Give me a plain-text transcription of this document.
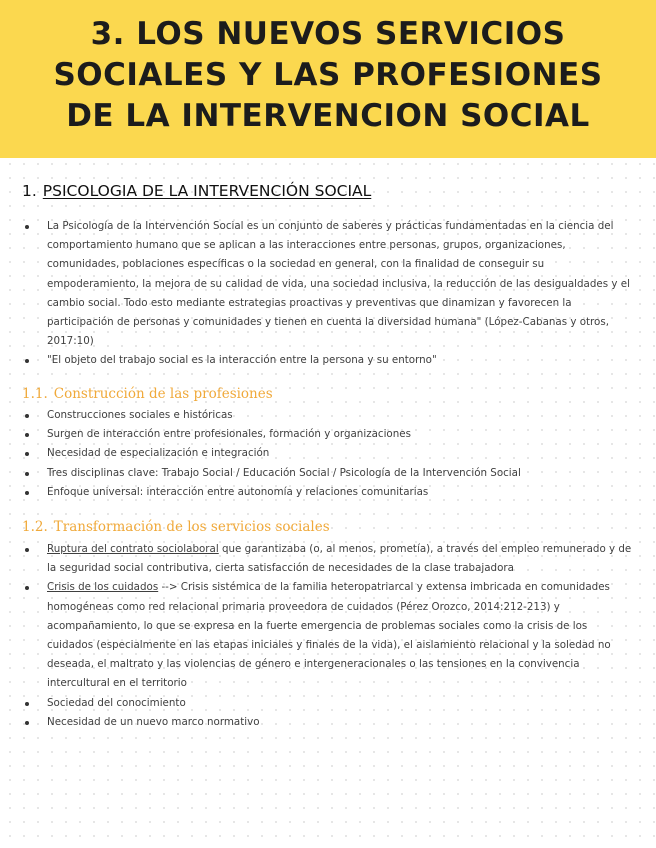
3. LOS NUEVOS SERVICIOS
SOCIALES Y LAS PROFESIONES
DE LA INTERVENCION SOCIAL
1. PSICOLOGIA DE LA INTERVENCIÓN SOCIAL
La Psicología de la Intervención Social es un conjunto de saberes y prácticas fundamentadas en la ciencia del comportamiento humano que se aplican a las interacciones entre personas, grupos, organizaciones, comunidades, poblaciones específicas o la sociedad en general, con la finalidad de conseguir su empoderamiento, la mejora de su calidad de vida, una sociedad inclusiva, la reducción de las desigualdades y el cambio social. Todo esto mediante estrategias proactivas y preventivas que dinamizan y favorecen la participación de personas y comunidades y tienen en cuenta la diversidad humana" (López-Cabanas y otros, 2017:10)
"El objeto del trabajo social es la interacción entre la persona y su entorno"
1.1. Construcción de las profesiones
Construcciones sociales e históricas
Surgen de interacción entre profesionales, formación y organizaciones
Necesidad de especialización e integración
Tres disciplinas clave: Trabajo Social / Educación Social / Psicología de la Intervención Social
Enfoque universal: interacción entre autonomía y relaciones comunitarias
1.2. Transformación de los servicios sociales
Ruptura del contrato sociolaboral que garantizaba (o, al menos, prometía), a través del empleo remunerado y de la seguridad social contributiva, cierta satisfacción de necesidades de la clase trabajadora
Crisis de los cuidados --> Crisis sistémica de la familia heteropatriarcal y extensa imbricada en comunidades homogéneas como red relacional primaria proveedora de cuidados (Pérez Orozco, 2014:212-213) y acompañamiento, lo que se expresa en la fuerte emergencia de problemas sociales como la crisis de los cuidados (especialmente en las etapas iniciales y finales de la vida), el aislamiento relacional y la soledad no deseada, el maltrato y las violencias de género e intergeneracionales o las tensiones en la convivencia intercultural en el territorio
Sociedad del conocimiento
Necesidad de un nuevo marco normativo
